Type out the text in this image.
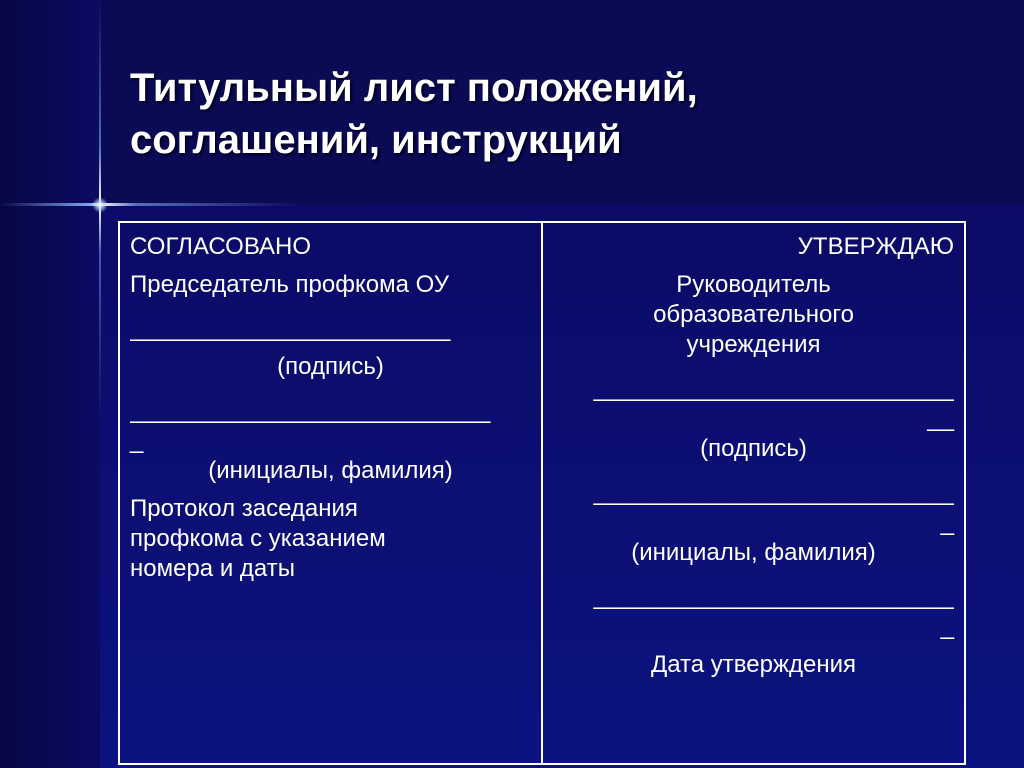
Титульный лист положений,
соглашений, инструкций
СОГЛАСОВАНО
Председатель профкома ОУ
________________________
(подпись)
___________________________
_
(инициалы, фамилия)
Протокол заседания
профкома с указанием
номера и даты
УТВЕРЖДАЮ
Руководитель
образовательного
учреждения
___________________________
__
(подпись)
___________________________
_
(инициалы, фамилия)
___________________________
_
Дата утверждения
